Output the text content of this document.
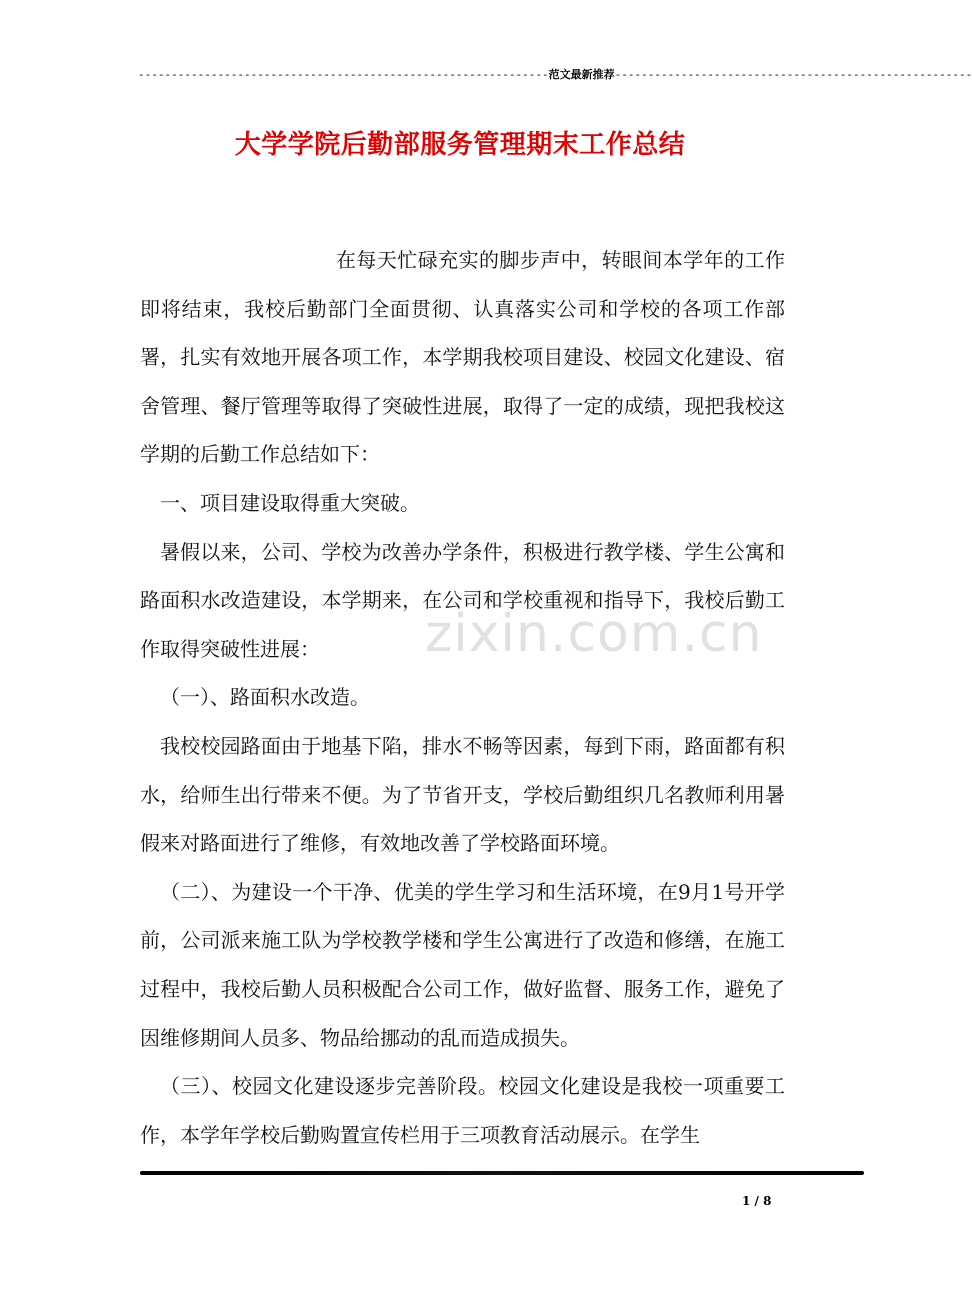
--------------------------------------------------------------范文最新推荐------------------------------------------------------
大学学院后勤部服务管理期末工作总结

在每天忙碌充实的脚步声中，转眼间本学年的工作即将结束，我校后勤部门全面贯彻、认真落实公司和学校的各项工作部署，扎实有效地开展各项工作，本学期我校项目建设、校园文化建设、宿舍管理、餐厅管理等取得了突破性进展，取得了一定的成绩，现把我校这学期的后勤工作总结如下：

一、项目建设取得重大突破。

暑假以来，公司、学校为改善办学条件，积极进行教学楼、学生公寓和路面积水改造建设，本学期来，在公司和学校重视和指导下，我校后勤工作取得突破性进展：

（一）、路面积水改造。

我校校园路面由于地基下陷，排水不畅等因素，每到下雨，路面都有积水，给师生出行带来不便。为了节省开支，学校后勤组织几名教师利用暑假来对路面进行了维修，有效地改善了学校路面环境。

（二）、为建设一个干净、优美的学生学习和生活环境，在9月1号开学前，公司派来施工队为学校教学楼和学生公寓进行了改造和修缮，在施工过程中，我校后勤人员积极配合公司工作，做好监督、服务工作，避免了因维修期间人员多、物品给挪动的乱而造成损失。

（三）、校园文化建设逐步完善阶段。校园文化建设是我校一项重要工作，本学年学校后勤购置宣传栏用于三项教育活动展示。在学生

zixin.com.cn
1 / 8
